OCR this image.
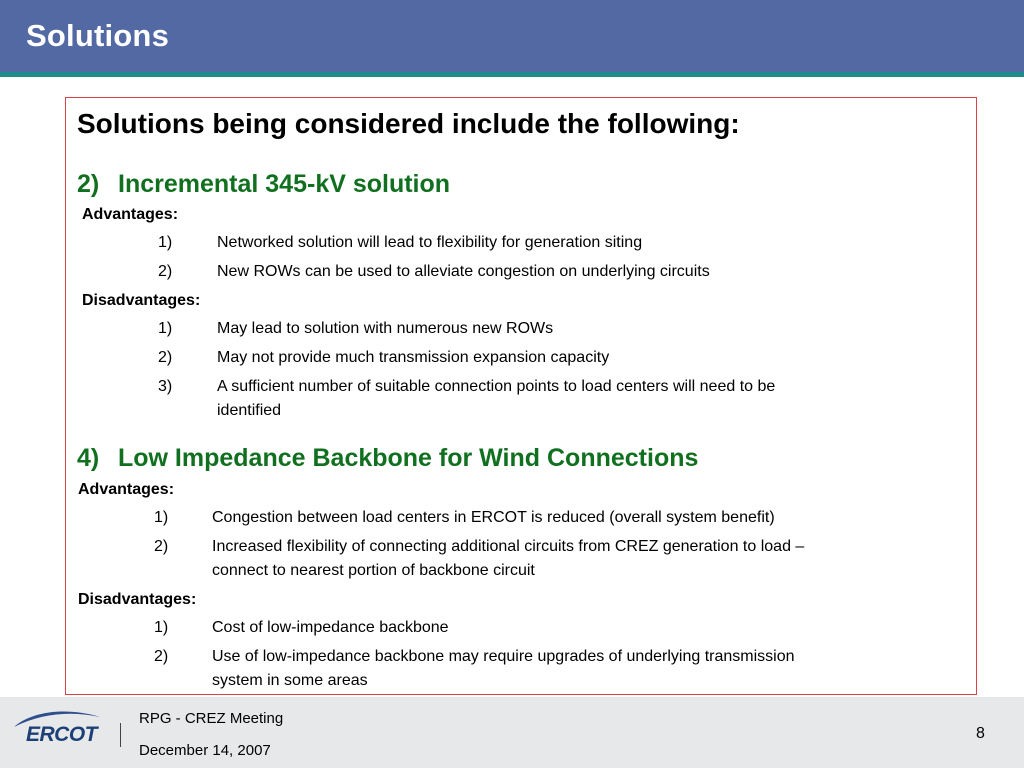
Solutions
Solutions being considered include the following:
2) Incremental 345-kV solution
Advantages:
1)	Networked solution will lead to flexibility for generation siting
2)	New ROWs can be used to alleviate congestion on underlying circuits
Disadvantages:
1)	May lead to solution with numerous new ROWs
2)	May not provide much transmission expansion capacity
3)	A sufficient number of suitable connection points to load centers will need to be
identified
4) Low Impedance Backbone for Wind Connections
Advantages:
1)	Congestion between load centers in ERCOT is reduced (overall system benefit)
2)	Increased flexibility of connecting additional circuits from CREZ generation to load –
connect to nearest portion of backbone circuit
Disadvantages:
1)	Cost of low-impedance backbone
2)	Use of low-impedance backbone may require upgrades of underlying transmission
system in some areas
ERCOT
RPG - CREZ Meeting
December 14, 2007
8
